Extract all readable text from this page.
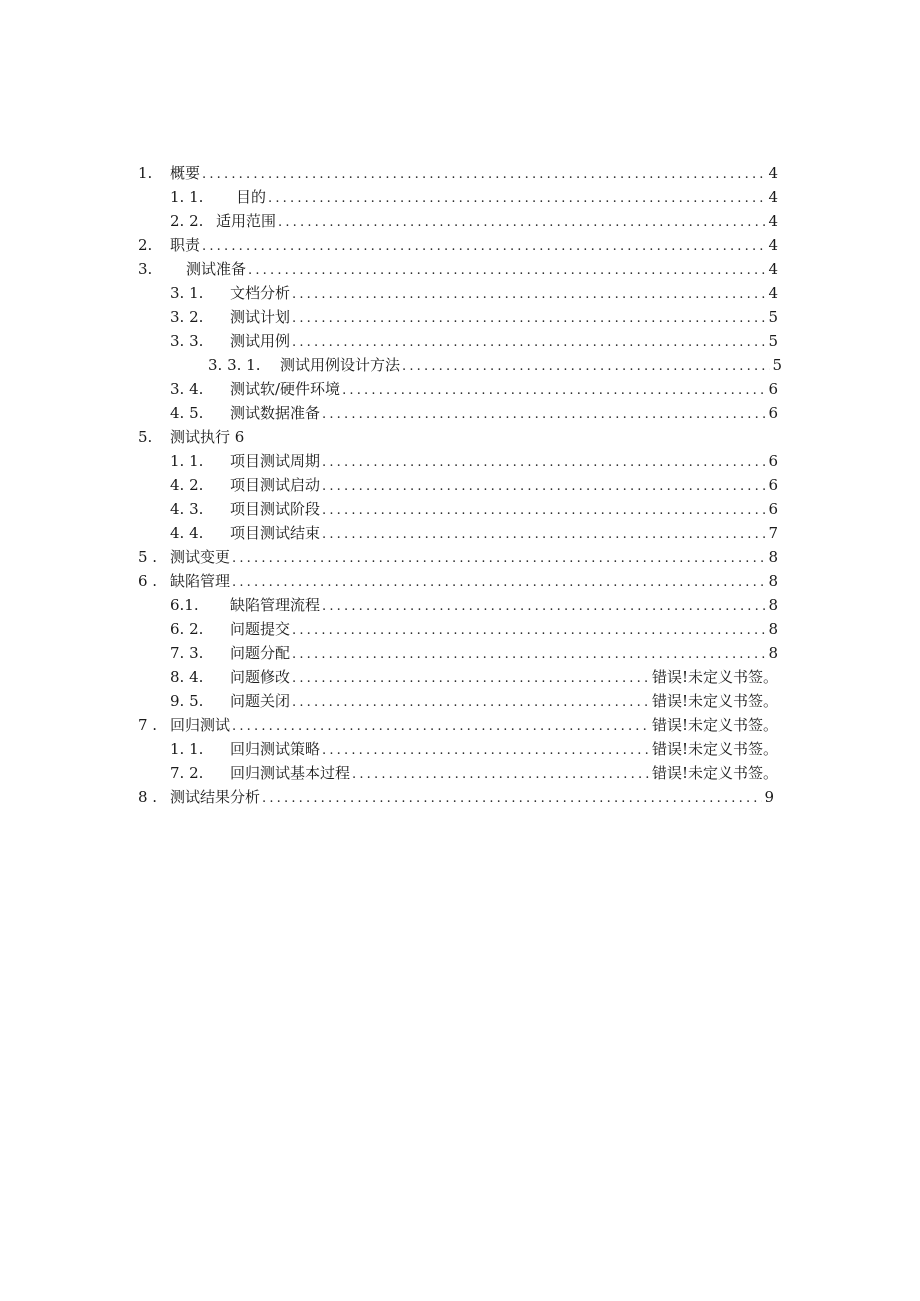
1.	概要 .....	4
1. 1.	目的 .....	4
2. 2. 适用范围 .....	4
2.	职责 .....	4
3.	测试准备 .....	4
3. 1.	文档分析 .....	4
3. 2.	测试计划 .....	5
3. 3.	测试用例 .....	5
3. 3. 1.	测试用例设计方法 .....	5
3. 4.	测试软/硬件环境 .....	6
4. 5.	测试数据准备 .....	6
5.	测试执行 6
1. 1.	项目测试周期 .....	6
4. 2.	项目测试启动 .....	6
4. 3.	项目测试阶段 .....	6
4. 4.	项目测试结束 .....	7
5 . 测试变更 .....	8
6 . 缺陷管理 .....	8
6.1.	缺陷管理流程 .....	8
6. 2.	问题提交 .....	8
7. 3.	问题分配 .....	8
8. 4.	问题修改 .....	错误!未定义书签。
9. 5.	问题关闭 .....	错误!未定义书签。
7 . 回归测试 .....	错误!未定义书签。
1. 1.	回归测试策略 .....	错误!未定义书签。
7. 2.	回归测试基本过程 .....	错误!未定义书签。
8 . 测试结果分析 .....	9
